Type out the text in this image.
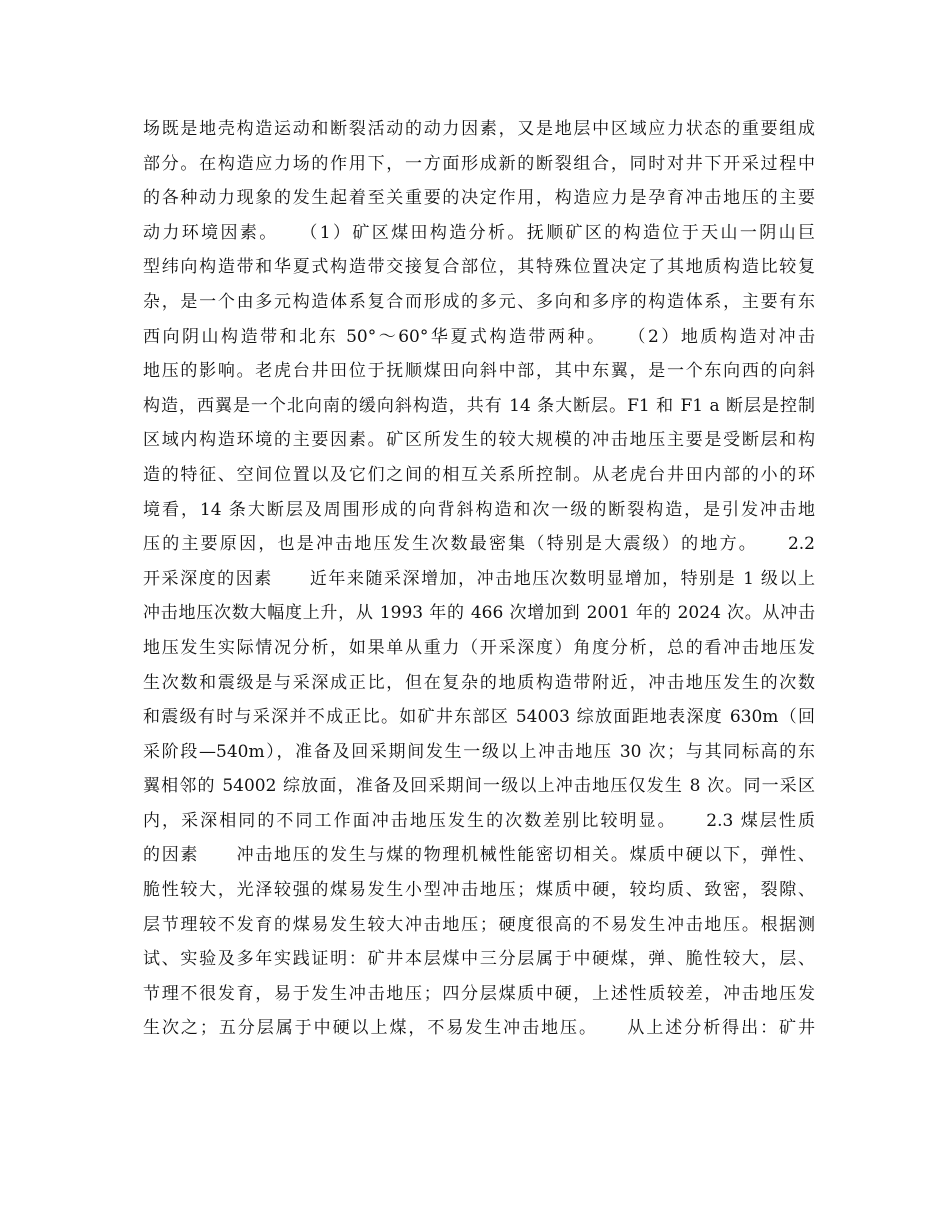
场既是地壳构造运动和断裂活动的动力因素，又是地层中区域应力状态的重要组成
部分。在构造应力场的作用下，一方面形成新的断裂组合，同时对井下开采过程中
的各种动力现象的发生起着至关重要的决定作用，构造应力是孕育冲击地压的主要
动力环境因素。　　（1）矿区煤田构造分析。抚顺矿区的构造位于天山一阴山巨
型纬向构造带和华夏式构造带交接复合部位，其特殊位置决定了其地质构造比较复
杂，是一个由多元构造体系复合而形成的多元、多向和多序的构造体系，主要有东
西向阴山构造带和北东 50°～60°华夏式构造带两种。　　（2）地质构造对冲击
地压的影响。老虎台井田位于抚顺煤田向斜中部，其中东翼，是一个东向西的向斜
构造，西翼是一个北向南的缓向斜构造，共有 14 条大断层。F1 和 F1 a 断层是控制
区域内构造环境的主要因素。矿区所发生的较大规模的冲击地压主要是受断层和构
造的特征、空间位置以及它们之间的相互关系所控制。从老虎台井田内部的小的环
境看，14 条大断层及周围形成的向背斜构造和次一级的断裂构造，是引发冲击地
压的主要原因，也是冲击地压发生次数最密集（特别是大震级）的地方。　　2.2
开采深度的因素　　近年来随采深增加，冲击地压次数明显增加，特别是 1 级以上
冲击地压次数大幅度上升，从 1993 年的 466 次增加到 2001 年的 2024 次。从冲击
地压发生实际情况分析，如果单从重力（开采深度）角度分析，总的看冲击地压发
生次数和震级是与采深成正比，但在复杂的地质构造带附近，冲击地压发生的次数
和震级有时与采深并不成正比。如矿井东部区 54003 综放面距地表深度 630m（回
采阶段—540m），准备及回采期间发生一级以上冲击地压 30 次；与其同标高的东
翼相邻的 54002 综放面，准备及回采期间一级以上冲击地压仅发生 8 次。同一采区
内，采深相同的不同工作面冲击地压发生的次数差别比较明显。　　2.3 煤层性质
的因素　　冲击地压的发生与煤的物理机械性能密切相关。煤质中硬以下，弹性、
脆性较大，光泽较强的煤易发生小型冲击地压；煤质中硬，较均质、致密，裂隙、
层节理较不发育的煤易发生较大冲击地压；硬度很高的不易发生冲击地压。根据测
试、实验及多年实践证明：矿井本层煤中三分层属于中硬煤，弹、脆性较大，层、
节理不很发育，易于发生冲击地压；四分层煤质中硬，上述性质较差，冲击地压发
生次之；五分层属于中硬以上煤，不易发生冲击地压。　　从上述分析得出：矿井
